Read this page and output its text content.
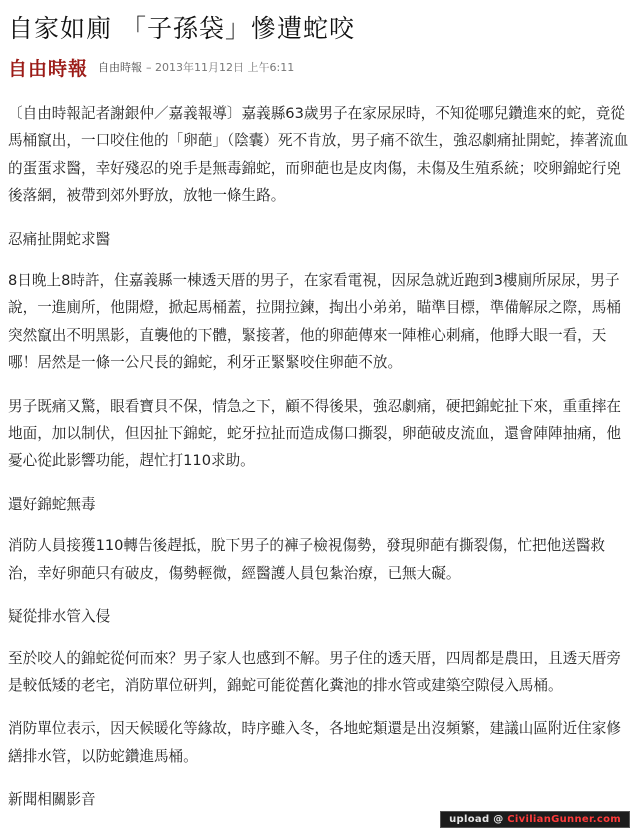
自家如廁 「子孫袋」慘遭蛇咬
自由時報 自由時報 – 2013年11月12日 上午6:11

〔自由時報記者謝銀仲／嘉義報導〕嘉義縣63歲男子在家尿尿時，不知從哪兒鑽進來的蛇，竟從馬桶竄出，一口咬住他的「卵葩」（陰囊）死不肯放，男子痛不欲生，強忍劇痛扯開蛇，捧著流血的蛋蛋求醫，幸好殘忍的兇手是無毒錦蛇，而卵葩也是皮肉傷，未傷及生殖系統；咬卵錦蛇行兇後落網，被帶到郊外野放，放牠一條生路。

忍痛扯開蛇求醫

8日晚上8時許，住嘉義縣一棟透天厝的男子，在家看電視，因尿急就近跑到3樓廁所尿尿，男子說，一進廁所，他開燈，掀起馬桶蓋，拉開拉鍊，掏出小弟弟，瞄準目標，準備解尿之際，馬桶突然竄出不明黑影，直襲他的下體，緊接著，他的卵葩傳來一陣椎心刺痛，他睜大眼一看，天哪！居然是一條一公尺長的錦蛇，利牙正緊緊咬住卵葩不放。

男子既痛又驚，眼看寶貝不保，情急之下，顧不得後果，強忍劇痛，硬把錦蛇扯下來，重重摔在地面，加以制伏，但因扯下錦蛇，蛇牙拉扯而造成傷口撕裂，卵葩破皮流血，還會陣陣抽痛，他憂心從此影響功能，趕忙打110求助。

還好錦蛇無毒

消防人員接獲110轉告後趕抵，脫下男子的褲子檢視傷勢，發現卵葩有撕裂傷，忙把他送醫救治，幸好卵葩只有破皮，傷勢輕微，經醫護人員包紮治療，已無大礙。

疑從排水管入侵

至於咬人的錦蛇從何而來？男子家人也感到不解。男子住的透天厝，四周都是農田，且透天厝旁是較低矮的老宅，消防單位研判，錦蛇可能從舊化糞池的排水管或建築空隙侵入馬桶。

消防單位表示，因天候暖化等緣故，時序雖入冬，各地蛇類還是出沒頻繁，建議山區附近住家修繕排水管，以防蛇鑽進馬桶。

新聞相關影音

upload @ CivilianGunner.com
